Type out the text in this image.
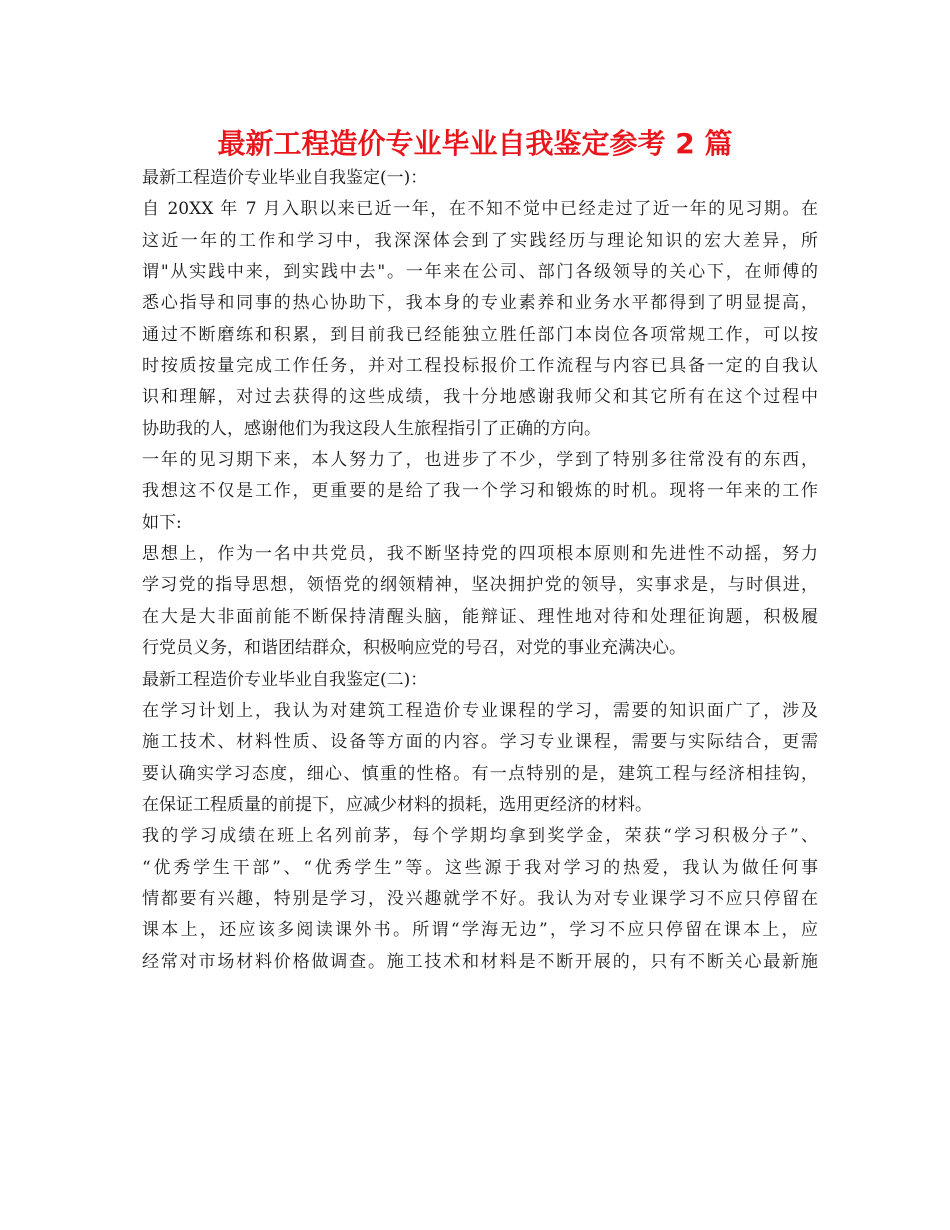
最新工程造价专业毕业自我鉴定参考 2 篇
最新工程造价专业毕业自我鉴定(一)：
自 20XX 年 7 月入职以来已近一年，在不知不觉中已经走过了近一年的见习期。在
这近一年的工作和学习中，我深深体会到了实践经历与理论知识的宏大差异，所
谓"从实践中来，到实践中去"。一年来在公司、部门各级领导的关心下，在师傅的
悉心指导和同事的热心协助下，我本身的专业素养和业务水平都得到了明显提高，
通过不断磨练和积累，到目前我已经能独立胜任部门本岗位各项常规工作，可以按
时按质按量完成工作任务，并对工程投标报价工作流程与内容已具备一定的自我认
识和理解，对过去获得的这些成绩，我十分地感谢我师父和其它所有在这个过程中
协助我的人，感谢他们为我这段人生旅程指引了正确的方向。
一年的见习期下来，本人努力了，也进步了不少，学到了特别多往常没有的东西，
我想这不仅是工作，更重要的是给了我一个学习和锻炼的时机。现将一年来的工作
如下:
思想上，作为一名中共党员，我不断坚持党的四项根本原则和先进性不动摇，努力
学习党的指导思想，领悟党的纲领精神，坚决拥护党的领导，实事求是，与时俱进，
在大是大非面前能不断保持清醒头脑，能辩证、理性地对待和处理征询题，积极履
行党员义务，和谐团结群众，积极响应党的号召，对党的事业充满决心。
最新工程造价专业毕业自我鉴定(二)：
在学习计划上，我认为对建筑工程造价专业课程的学习，需要的知识面广了，涉及
施工技术、材料性质、设备等方面的内容。学习专业课程，需要与实际结合，更需
要认确实学习态度，细心、慎重的性格。有一点特别的是，建筑工程与经济相挂钩，
在保证工程质量的前提下，应减少材料的损耗，选用更经济的材料。
我的学习成绩在班上名列前茅，每个学期均拿到奖学金，荣获“学习积极分子”、
“优秀学生干部”、“优秀学生”等。这些源于我对学习的热爱，我认为做任何事
情都要有兴趣，特别是学习，没兴趣就学不好。我认为对专业课学习不应只停留在
课本上，还应该多阅读课外书。所谓“学海无边”，学习不应只停留在课本上，应
经常对市场材料价格做调查。施工技术和材料是不断开展的，只有不断关心最新施
